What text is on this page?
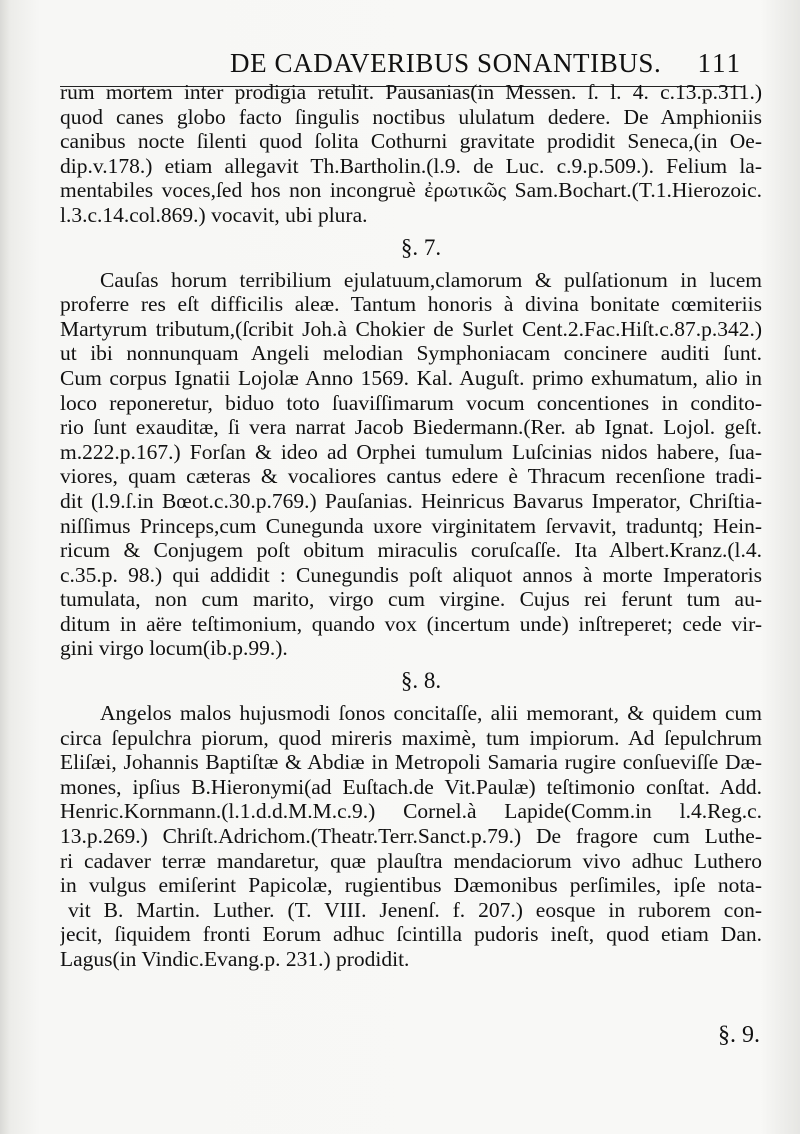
DE CADAVERIBUS SONANTIBUS. 111
rum mortem inter prodigia retulit. Pausanias(in Messen. ſ. l. 4. c.13.p.311.)
quod canes globo facto ſingulis noctibus ululatum dedere. De Amphioniis
canibus nocte ſilenti quod ſolita Cothurni gravitate prodidit Seneca,(in Oe-
dip.v.178.) etiam allegavit Th.Bartholin.(l.9. de Luc. c.9.p.509.). Felium la-
mentabiles voces,ſed hos non incongruè ἐρωτικῶς Sam.Bochart.(T.1.Hierozoic.
l.3.c.14.col.869.) vocavit, ubi plura.
§. 7.
Cauſas horum terribilium ejulatuum,clamorum & pulſationum in lucem
proferre res eſt difficilis aleæ. Tantum honoris à divina bonitate cœmiteriis
Martyrum tributum,(ſcribit Joh.à Chokier de Surlet Cent.2.Fac.Hiſt.c.87.p.342.)
ut ibi nonnunquam Angeli melodian Symphoniacam concinere auditi ſunt.
Cum corpus Ignatii Lojolæ Anno 1569. Kal. Auguſt. primo exhumatum, alio in
loco reponeretur, biduo toto ſuaviſſimarum vocum concentiones in condito-
rio ſunt exauditæ, ſi vera narrat Jacob Biedermann.(Rer. ab Ignat. Lojol. geſt.
m.222.p.167.) Forſan & ideo ad Orphei tumulum Luſcinias nidos habere, ſua-
viores, quam cæteras & vocaliores cantus edere è Thracum recenſione tradi-
dit (l.9.ſ.in Bœot.c.30.p.769.) Pauſanias. Heinricus Bavarus Imperator, Chriſtia-
niſſimus Princeps,cum Cunegunda uxore virginitatem ſervavit, traduntq; Hein-
ricum & Conjugem poſt obitum miraculis coruſcaſſe. Ita Albert.Kranz.(l.4.
c.35.p. 98.) qui addidit : Cunegundis poſt aliquot annos à morte Imperatoris
tumulata, non cum marito, virgo cum virgine. Cujus rei ferunt tum au-
ditum in aëre teſtimonium, quando vox (incertum unde) inſtreperet; cede vir-
gini virgo locum(ib.p.99.).
§. 8.
Angelos malos hujusmodi ſonos concitaſſe, alii memorant, & quidem cum
circa ſepulchra piorum, quod mireris maximè, tum impiorum. Ad ſepulchrum
Eliſæi, Johannis Baptiſtæ & Abdiæ in Metropoli Samaria rugire conſueviſſe Dæ-
mones, ipſius B.Hieronymi(ad Euſtach.de Vit.Paulæ) teſtimonio conſtat. Add.
Henric.Kornmann.(l.1.d.d.M.M.c.9.) Cornel.à Lapide(Comm.in l.4.Reg.c.
13.p.269.) Chriſt.Adrichom.(Theatr.Terr.Sanct.p.79.) De fragore cum Luthe-
ri cadaver terræ mandaretur, quæ plauſtra mendaciorum vivo adhuc Luthero
in vulgus emiſerint Papicolæ, rugientibus Dæmonibus perſimiles, ipſe nota-
vit B. Martin. Luther. (T. VIII. Jenenſ. f. 207.) eosque in ruborem con-
jecit, ſiquidem fronti Eorum adhuc ſcintilla pudoris ineſt, quod etiam Dan.
Lagus(in Vindic.Evang.p. 231.) prodidit.
§. 9.
